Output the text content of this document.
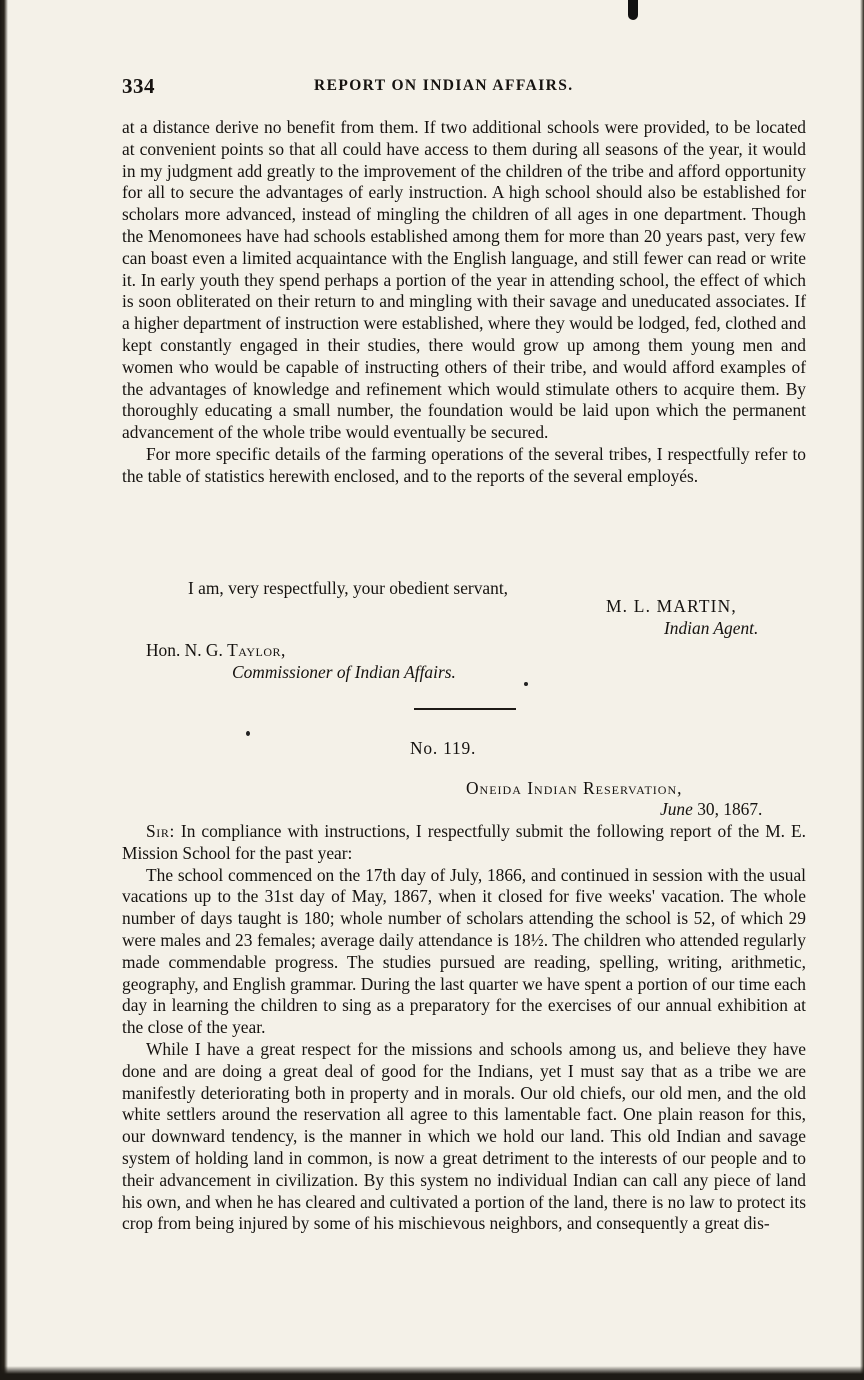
334	REPORT ON INDIAN AFFAIRS.

at a distance derive no benefit from them. If two additional schools were provided, to be located at convenient points so that all could have access to them during all seasons of the year, it would in my judgment add greatly to the improvement of the children of the tribe and afford opportunity for all to secure the advantages of early instruction. A high school should also be established for scholars more advanced, instead of mingling the children of all ages in one department. Though the Menomonees have had schools established among them for more than 20 years past, very few can boast even a limited acquaintance with the English language, and still fewer can read or write it. In early youth they spend perhaps a portion of the year in attending school, the effect of which is soon obliterated on their return to and mingling with their savage and uneducated associates. If a higher department of instruction were established, where they would be lodged, fed, clothed and kept constantly engaged in their studies, there would grow up among them young men and women who would be capable of instructing others of their tribe, and would afford examples of the advantages of knowledge and refinement which would stimulate others to acquire them. By thoroughly educating a small number, the foundation would be laid upon which the permanent advancement of the whole tribe would eventually be secured.

For more specific details of the farming operations of the several tribes, I respectfully refer to the table of statistics herewith enclosed, and to the reports of the several employés.

I am, very respectfully, your obedient servant,
M. L. MARTIN,
Indian Agent.
Hon. N. G. Taylor,
Commissioner of Indian Affairs.
No. 119.
Oneida Indian Reservation,
June 30, 1867.

Sir: In compliance with instructions, I respectfully submit the following report of the M. E. Mission School for the past year:

The school commenced on the 17th day of July, 1866, and continued in session with the usual vacations up to the 31st day of May, 1867, when it closed for five weeks' vacation. The whole number of days taught is 180; whole number of scholars attending the school is 52, of which 29 were males and 23 females; average daily attendance is 18½. The children who attended regularly made commendable progress. The studies pursued are reading, spelling, writing, arithmetic, geography, and English grammar. During the last quarter we have spent a portion of our time each day in learning the children to sing as a preparatory for the exercises of our annual exhibition at the close of the year.

While I have a great respect for the missions and schools among us, and believe they have done and are doing a great deal of good for the Indians, yet I must say that as a tribe we are manifestly deteriorating both in property and in morals. Our old chiefs, our old men, and the old white settlers around the reservation all agree to this lamentable fact. One plain reason for this, our downward tendency, is the manner in which we hold our land. This old Indian and savage system of holding land in common, is now a great detriment to the interests of our people and to their advancement in civilization. By this system no individual Indian can call any piece of land his own, and when he has cleared and cultivated a portion of the land, there is no law to protect its crop from being injured by some of his mischievous neighbors, and consequently a great dis-
